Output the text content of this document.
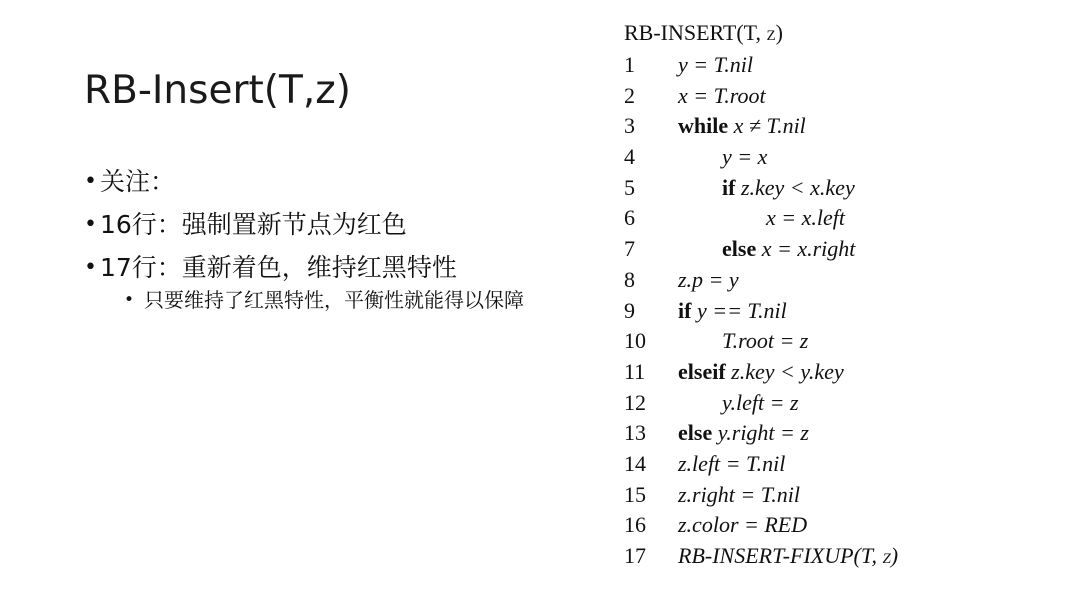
RB-Insert(T,z)
• 关注：
• 16行：强制置新节点为红色
• 17行：重新着色，维持红黑特性
• 只要维持了红黑特性，平衡性就能得以保障
RB-INSERT(T, z)
1 y = T.nil
2 x = T.root
3 while x ≠ T.nil
4	y = x
5	if z.key < x.key
6	x = x.left
7	else x = x.right
8 z.p = y
9 if y == T.nil
10	T.root = z
11 elseif z.key < y.key
12	y.left = z
13 else y.right = z
14 z.left = T.nil
15 z.right = T.nil
16 z.color = RED
17 RB-INSERT-FIXUP(T, z)
